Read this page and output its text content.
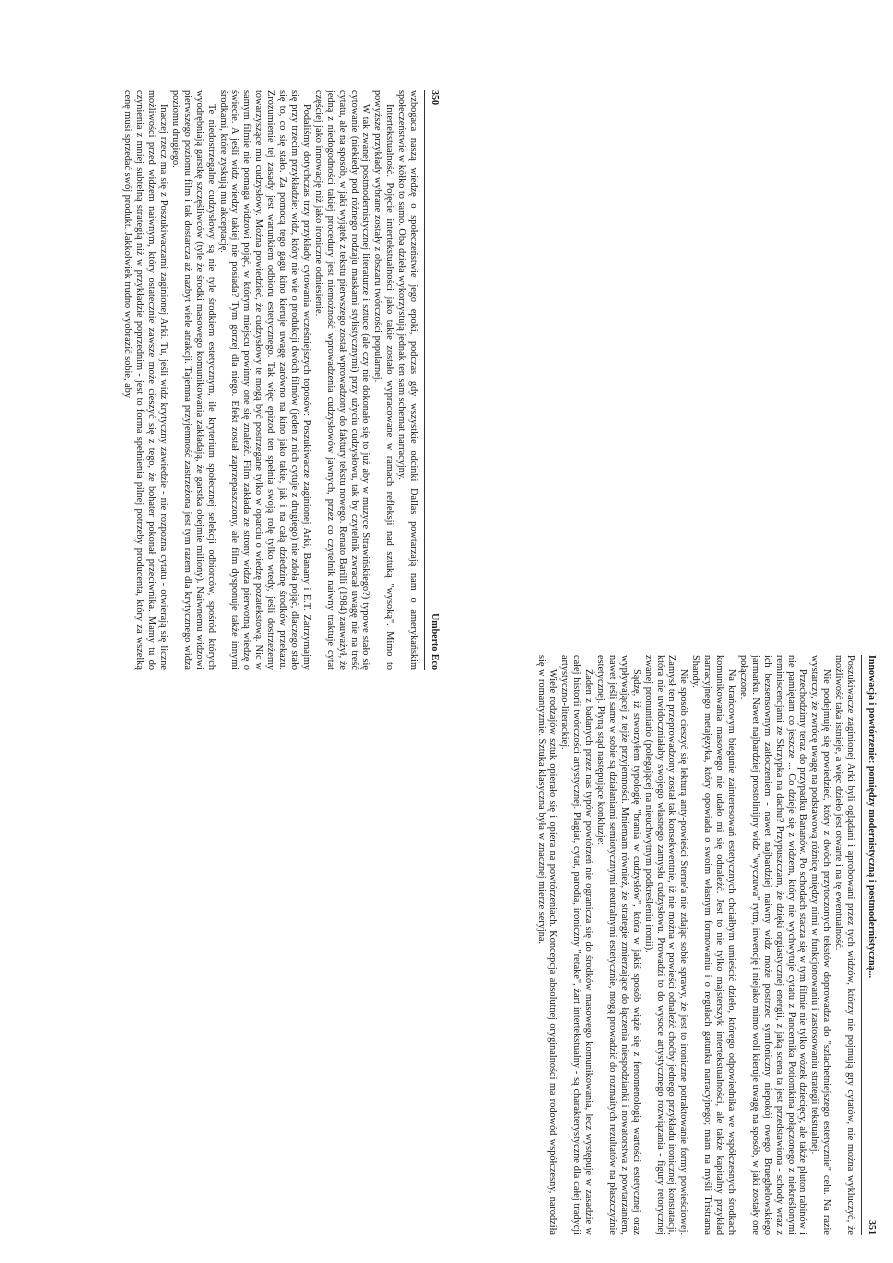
Innowacja i powtórzenie: pomiędzy modernistyczną i postmodernistyczną...
351

Poszukiwacze zaginionej Arki byli oglądani i aprobowani przez tych widzów, którzy nie pojmują gry cytatów, nie można wykluczyć, że możliwość taka istnieje, a więc dzieło jest otwarte i na tę ewentualność.

Nie podejmuję się powiedzieć, który z dwóch przytoczonych tekstów doprowadza do "szlachetniejszego estetycznie" celu. Na razie wystarczy, że zwrócę uwagę na podstawową różnicę między nimi w funkcjonowaniu i zastosowaniu strategii tekstualnej.

Przechodzimy teraz do przypadku Bananów. Po schodach stacza się w tym filmie nie tylko wózek dziecięcy, ale także pluton rabinów i nie pamiętam co jeszcze ... Co dzieje się z widzem, który nie wychwytuje cytatu z Pancernika Potiomkina połączonego z niekreślonymi reminiscencjami ze Skrzypka na dachu? Przypuszczam, że dzięki orgiastycznej energii, z jaką scena ta jest przedstawiona - schody wraz z ich bezsensownym zatłoczeniem - nawet najbardziej naiwny widz może postrzec symfoniczny niepokój owego Brueghelowskiego jarmarku. Nawet najbardziej prostolinijny widz "wyczuwa" rytm, inwencję i niejako mimo woli kieruje uwagę na sposób, w jaki zostały one połączone.

Na krańcowym biegunie zainteresowań estetycznych chciałbym umieścić dzieło, którego odpowiednika we współczesnych środkach komunikowania masowego nie udało mi się odnaleźć. Jest to nie tylko majsterszyk intertekstualności, ale także kapitalny przykład narracyjnego metajęzyka, który opowiada o swoim własnym formowaniu i o regułach gatunku narracyjnego; mam na myśli Tristrama Shandy.

Nie sposób cieszyć się lekturą anty-powieści Sterne'a nie zdając sobie sprawy, że jest to ironiczne potraktowanie formy powieściowej. Zamysł ten przeprowadzony został tak konsekwentnie, iż nie można w powieści odnaleźć choćby jednego przykładu ironicznej konstatacji, która nie uwidoczniałaby swojego własnego zamysłu cudzysłowu. Prowadzi to do wysoce artystycznego rozwiązania - figury retorycznej zwanej pronuntiatio (polegającej na nieuchwytnym podkreśleniu ironii).

Sądzę, iż stworzyłem typologię "brania w cudzysłów", która w jakiś sposób wiąże się z fenomenologią wartości estetycznej oraz wypływającej z tejże przyjemności. Mniemam również, że strategie zmierzające do łączenia niespodzianki i nowatorstwa z powtarzaniem, nawet jeśli same w sobie są działaniami semiotycznymi neutralnymi estetycznie, mogą prowadzić do rozmaitych rezultatów na płaszczyźnie estetycznej. Płyną stąd następujące konkluzje:

Żaden z badanych przez nas typów powtórzeń nie ogranicza się do środków masowego komunikowania, lecz występuje w zasadzie w całej historii twórczości artystycznej. Plagiat, cytat, parodia, ironiczny "retake", żart intertekstualny - są charakterystyczne dla całej tradycji artystyczno-literackiej.

Wiele rodzajów sztuk opierało się i opiera na powtórzeniach. Koncepcja absolutnej oryginalności ma rodowód współczesny, narodziła się w romantyzmie. Sztuka klasyczna była w znacznej mierze seryjna.

350
Umberto Eco

wzbogaca naszą wiedzę o społeczeństwie jego epoki, podczas gdy wszystkie odcinki Dallas powtarzają nam o amerykańskim społeczeństwie w kółko to samo. Oba dzieła wykorzystują jednak ten sam schemat narracyjny.

Intertekstualność. Pojęcie intertekstualności jako takie zostało wypracowane w ramach refleksji nad sztuką "wysoką". Mimo to powyższe przykłady wybrane zostały z obszaru twórczości popularnej.

W tak zwanej postmodernistycznej literaturze i sztuce (ale czy nie dokonało się to już aby w muzyce Strawińskiego?) typowe stało się cytowanie (niekiedy pod różnego rodzaju maskami stylistycznymi) przy użyciu cudzysłowu, tak by czytelnik zwracał uwagę nie na treść cytatu, ale na sposób, w jaki wyjątek z tekstu pierwszego został wprowadzony do faktury tekstu nowego. Renato Barilli (1984) zauważył, że jedną z niedogodności takiej procedury jest niemożność wprowadzenia cudzysłowów jawnych, przez co czytelnik naiwny traktuje cytat częściej jako innowację niż jako ironiczne odniesienie.

Podaliśmy dotychczas trzy przykłady cytowania wcześniejszych toposów: Poszukiwacze zaginionej Arki, Banany i E.T. Zatrzymajmy się przy trzecim przykładzie: widz, który nie wie o produkcji dwóch filmów (jeden z nich cytuje z drugiego) nie zdoła pojąć, dlaczego stało się to, co się stało. Za pomocą tego gagu kino kieruje uwagę zarówno na kino jako takie, jak i na całą dziedzinę środków przekazu. Zrozumienie tej zasady jest warunkiem odbioru estetycznego. Tak więc epizod ten spełnia swoją rolę tylko wtedy, jeśli dostrzeżemy towarzyszące mu cudzysłowy. Można powiedzieć, że cudzysłowy te mogą być postrzegane tylko w oparciu o wiedzę pozatekstową. Nic w samym filmie nie pomaga widzowi pojąć, w którym miejscu powinny one się znaleźć. Film zakłada ze strony widza pierwotną wiedzę o świecie. A jeśli widz wiedzy takiej nie posiada? Tym gorzej dla niego. Efekt został zaprzepaszczony, ale film dysponuje także innymi środkami, które zyskują mu akceptację.

Te niedostrzegalne cudzysłowy są nie tyle środkiem estetycznym, ile kryterium społecznej selekcji odbiorców, spośród których wyodrębniają garstkę szczęśliwców (tyle że środki masowego komunikowania zakładają, że garstka obejmie miliony). Naiwnemu widzowi pierwszego poziomu film i tak dostarcza aż nazbyt wiele atrakcji. Tajemna przyjemność zastrzeżona jest tym razem dla krytycznego widza poziomu drugiego.

Inaczej rzecz ma się z Poszukiwaczami zaginionej Arki. Tu, jeśli widz krytyczny zawiedzie - nie rozpozna cytatu - otwierają się liczne możliwości przed widzem naiwnym, który ostatecznie zawsze może cieszyć się z tego, że bohater pokonał przeciwnika. Mamy tu do czynienia z mniej subtelną strategią niż w przykładzie poprzednim - jest to forma spełnienia pilnej potrzeby producenta, który za wszelką cenę musi sprzedać swój produkt. Jakkolwiek trudno wyobrazić sobie, aby
